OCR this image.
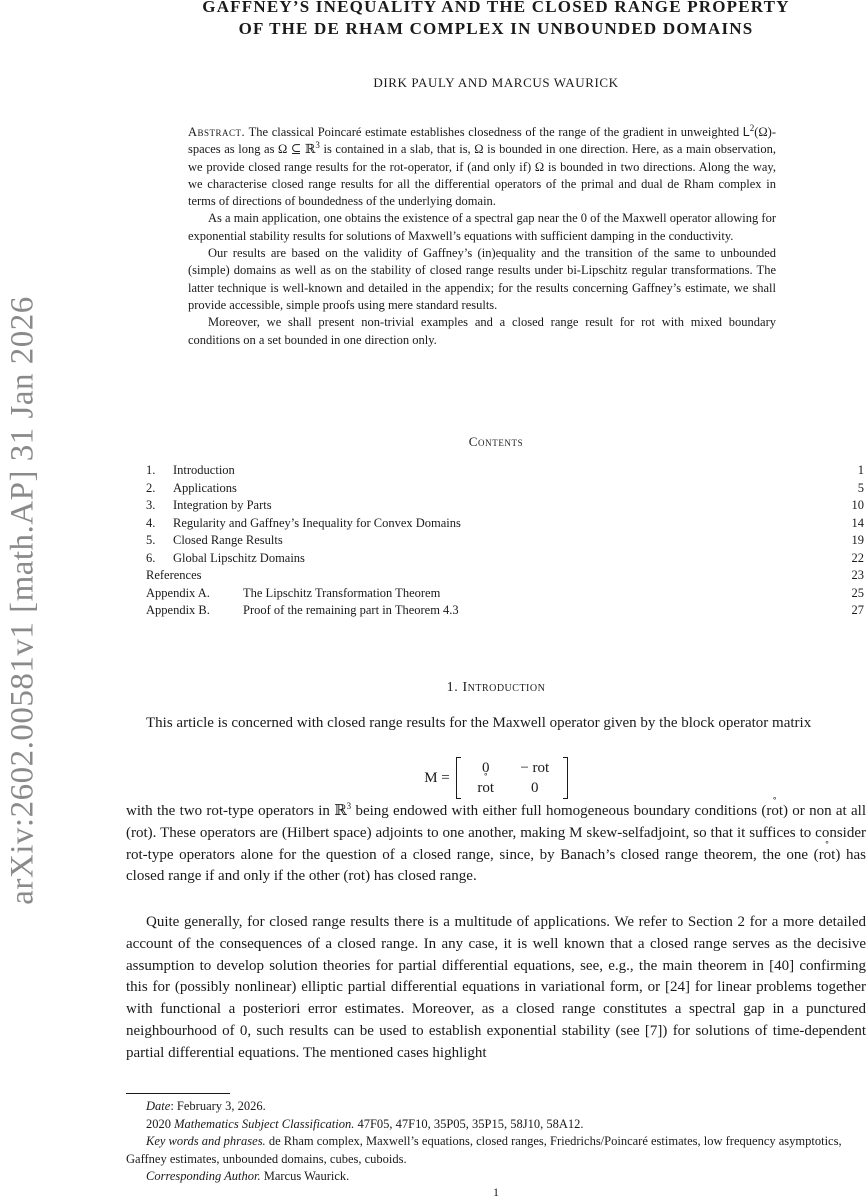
arXiv:2602.00581v1 [math.AP] 31 Jan 2026
GAFFNEY’S INEQUALITY AND THE CLOSED RANGE PROPERTY
OF THE DE RHAM COMPLEX IN UNBOUNDED DOMAINS
DIRK PAULY AND MARCUS WAURICK

Abstract. The classical Poincaré estimate establishes closedness of the range of the gradient in unweighted $L^2(\Omega)$-spaces as long as Ω ⊆ ℝ$^3$ is contained in a slab, that is, Ω is bounded in one direction. Here, as a main observation, we provide closed range results for the rot-operator, if (and only if) Ω is bounded in two directions. Along the way, we characterise closed range results for all the differential operators of the primal and dual de Rham complex in terms of directions of boundedness of the underlying domain.

As a main application, one obtains the existence of a spectral gap near the 0 of the Maxwell operator allowing for exponential stability results for solutions of Maxwell’s equations with sufficient damping in the conductivity.

Our results are based on the validity of Gaffney’s (in)equality and the transition of the same to unbounded (simple) domains as well as on the stability of closed range results under bi-Lipschitz regular transformations. The latter technique is well-known and detailed in the appendix; for the results concerning Gaffney’s estimate, we shall provide accessible, simple proofs using mere standard results.

Moreover, we shall present non-trivial examples and a closed range result for rot with mixed boundary conditions on a set bounded in one direction only.

Contents
1. Introduction	1
2. Applications	5
3. Integration by Parts	10
4. Regularity and Gaffney’s Inequality for Convex Domains	14
5. Closed Range Results	19
6. Global Lipschitz Domains	22
References	23
Appendix A.	The Lipschitz Transformation Theorem	25
Appendix B.	Proof of the remaining part in Theorem 4.3	27
1. Introduction

This article is concerned with closed range results for the Maxwell operator given by the block operator matrix

M =
0	− rot
˚ rot	0

with the two rot-type operators in ℝ$^3$ being endowed with either full homogeneous boundary conditions (˚ rot) or non at all (rot). These operators are (Hilbert space) adjoints to one another, making M skew-selfadjoint, so that it suffices to consider rot-type operators alone for the question of a closed range, since, by Banach’s closed range theorem, the one (˚ rot) has closed range if and only if the other (rot) has closed range.

Quite generally, for closed range results there is a multitude of applications. We refer to Section 2 for a more detailed account of the consequences of a closed range. In any case, it is well known that a closed range serves as the decisive assumption to develop solution theories for partial differential equations, see, e.g., the main theorem in [40] confirming this for (possibly nonlinear) elliptic partial differential equations in variational form, or [24] for linear problems together with functional a posteriori error estimates. Moreover, as a closed range constitutes a spectral gap in a punctured neighbourhood of 0, such results can be used to establish exponential stability (see [7]) for solutions of time-dependent partial differential equations. The mentioned cases highlight

Date: February 3, 2026.

2020 Mathematics Subject Classification. 47F05, 47F10, 35P05, 35P15, 58J10, 58A12.

Key words and phrases. de Rham complex, Maxwell’s equations, closed ranges, Friedrichs/Poincaré estimates, low frequency asymptotics, Gaffney estimates, unbounded domains, cubes, cuboids.

Corresponding Author. Marcus Waurick.

1
